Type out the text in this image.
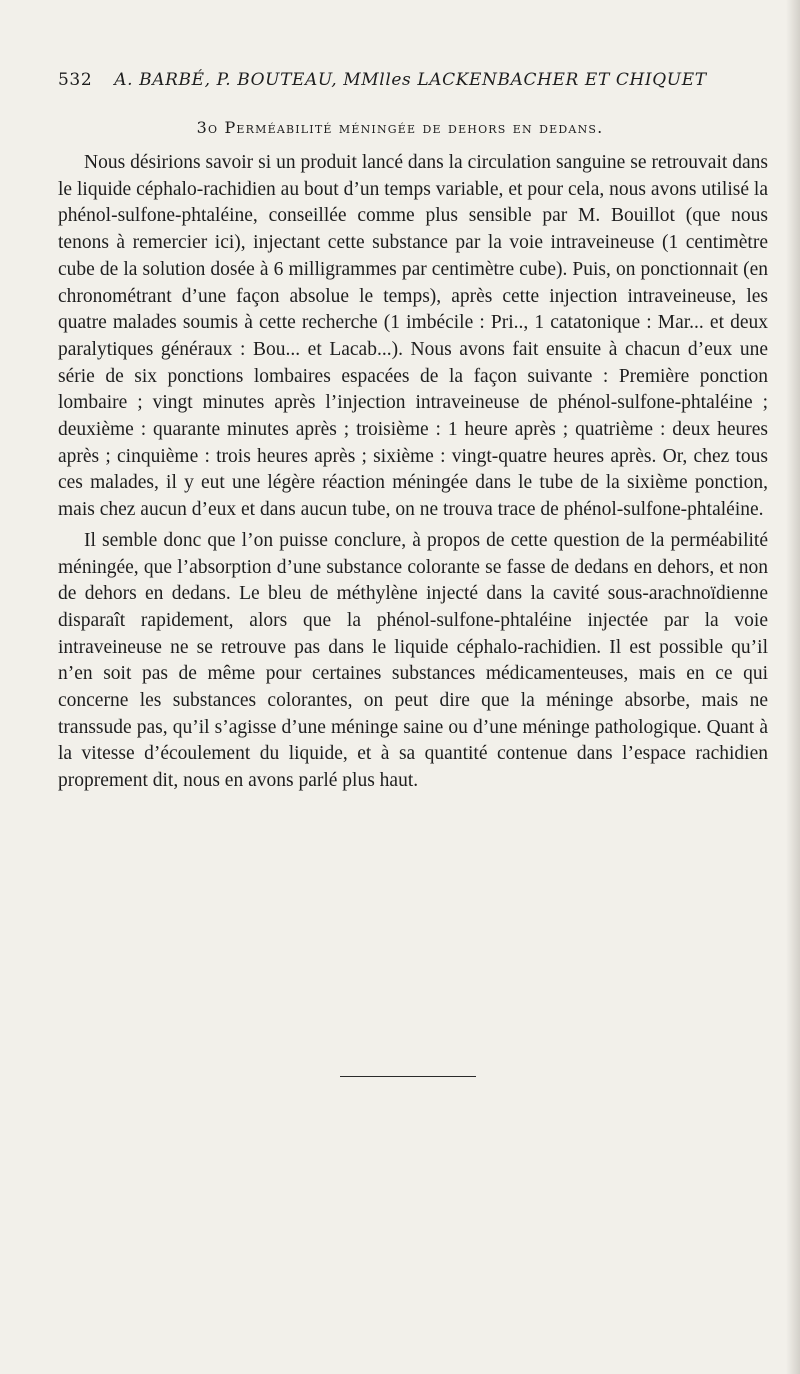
532 A. BARBÉ, P. BOUTEAU, MMlles LACKENBACHER ET CHIQUET
3o Perméabilité méningée de dehors en dedans.

Nous désirions savoir si un produit lancé dans la circulation sanguine se retrouvait dans le liquide céphalo-rachidien au bout d’un temps variable, et pour cela, nous avons utilisé la phénol-sulfone-phtaléine, conseillée comme plus sensible par M. Bouillot (que nous tenons à remercier ici), injectant cette substance par la voie intraveineuse (1 centimètre cube de la solution dosée à 6 milligrammes par centimètre cube). Puis, on ponctionnait (en chronométrant d’une façon absolue le temps), après cette injection intraveineuse, les quatre malades soumis à cette recherche (1 imbécile : Pri.., 1 catatonique : Mar... et deux paralytiques généraux : Bou... et Lacab...). Nous avons fait ensuite à chacun d’eux une série de six ponctions lombaires espacées de la façon suivante : Première ponction lombaire ; vingt minutes après l’injection intraveineuse de phénol-sulfone-phtaléine ; deuxième : quarante minutes après ; troisième : 1 heure après ; quatrième : deux heures après ; cinquième : trois heures après ; sixième : vingt-quatre heures après. Or, chez tous ces malades, il y eut une légère réaction méningée dans le tube de la sixième ponction, mais chez aucun d’eux et dans aucun tube, on ne trouva trace de phénol-sulfone-phtaléine.

Il semble donc que l’on puisse conclure, à propos de cette question de la perméabilité méningée, que l’absorption d’une substance colorante se fasse de dedans en dehors, et non de dehors en dedans. Le bleu de méthylène injecté dans la cavité sous-arachnoïdienne disparaît rapidement, alors que la phénol-sulfone-phtaléine injectée par la voie intraveineuse ne se retrouve pas dans le liquide céphalo-rachidien. Il est possible qu’il n’en soit pas de même pour certaines substances médicamenteuses, mais en ce qui concerne les substances colorantes, on peut dire que la méninge absorbe, mais ne transsude pas, qu’il s’agisse d’une méninge saine ou d’une méninge pathologique. Quant à la vitesse d’écoulement du liquide, et à sa quantité contenue dans l’espace rachidien proprement dit, nous en avons parlé plus haut.
